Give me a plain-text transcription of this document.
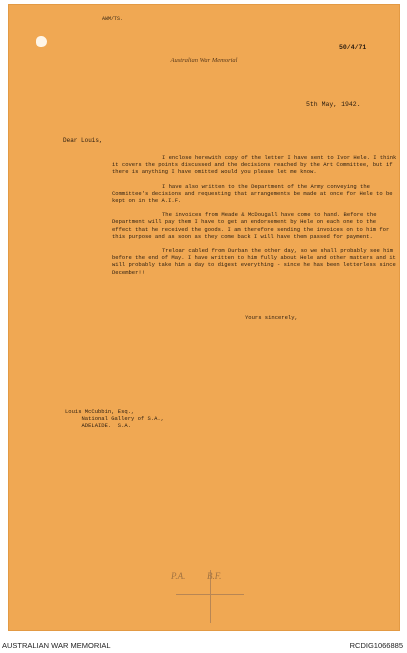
AWM/TS.
50/4/71
Australian War Memorial
5th May, 1942.
Dear Louis,

I enclose herewith copy of the letter I have sent to Ivor Hele. I think it covers the points discussed and the decisions reached by the Art Committee, but if there is anything I have omitted would you please let me know.

I have also written to the Department of the Army conveying the Committee's decisions and requesting that arrangements be made at once for Hele to be kept on in the A.I.F.

The invoices from Meade & McDougall have come to hand. Before the Department will pay them I have to get an endorsement by Hele on each one to the effect that he received the goods. I am therefore sending the invoices on to him for this purpose and as soon as they come back I will have them passed for payment.

Treloar cabled from Durban the other day, so we shall probably see him before the end of May. I have written to him fully about Hele and other matters and it will probably take him a day to digest everything - since he has been letterless since December!!

Yours sincerely,
Louis McCubbin, Esq.,
National Gallery of S.A.,
ADELAIDE.  S.A.
P.A. B.F.
AUSTRALIAN WAR MEMORIAL	RCDIG1066885
